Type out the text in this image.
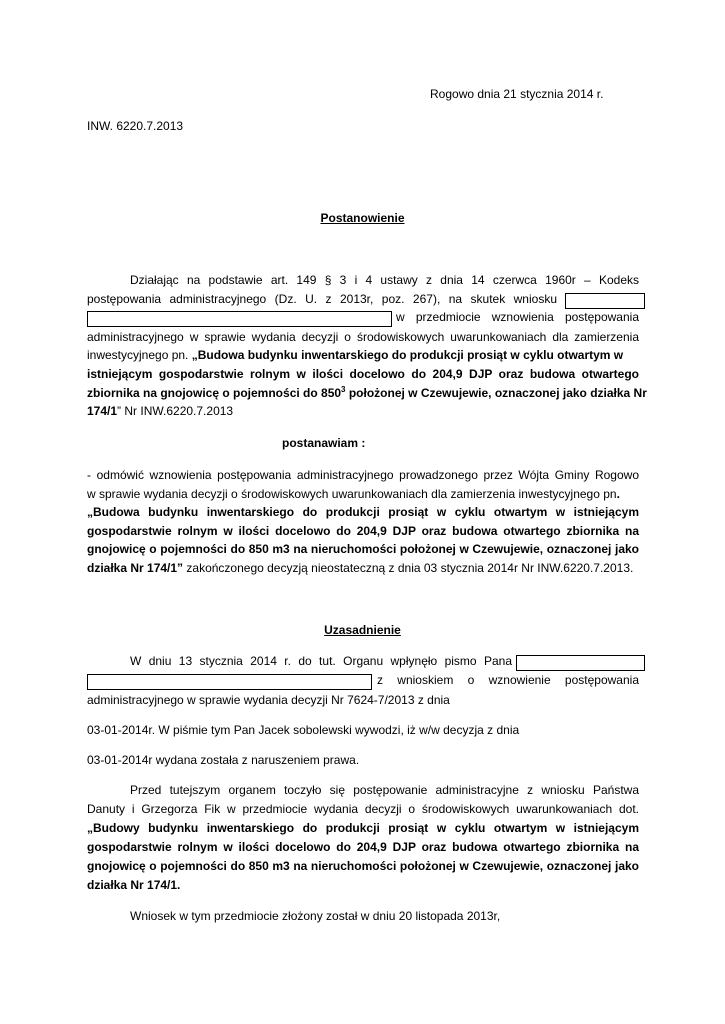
Rogowo dnia 21 stycznia 2014 r.
INW. 6220.7.2013
Postanowienie
Działając na podstawie art. 149 § 3 i 4 ustawy z dnia 14 czerwca 1960r – Kodeks
postępowania administracyjnego (Dz. U. z 2013r, poz. 267), na skutek wniosku
w przedmiocie wznowienia postępowania
administracyjnego w sprawie wydania decyzji o środowiskowych uwarunkowaniach dla zamierzenia
inwestycyjnego pn. „Budowa budynku inwentarskiego do produkcji prosiąt w cyklu otwartym w
istniejącym gospodarstwie rolnym w ilości docelowo do 204,9 DJP oraz budowa otwartego
zbiornika na gnojowicę o pojemności do $850^3$ położonej w Czewujewie, oznaczonej jako działka Nr
174/1” Nr INW.6220.7.2013
postanawiam :
- odmówić wznowienia postępowania administracyjnego prowadzonego przez Wójta Gminy Rogowo
w sprawie wydania decyzji o środowiskowych uwarunkowaniach dla zamierzenia inwestycyjnego pn.
„Budowa budynku inwentarskiego do produkcji prosiąt w cyklu otwartym w istniejącym
gospodarstwie rolnym w ilości docelowo do 204,9 DJP oraz budowa otwartego zbiornika na
gnojowicę o pojemności do 850 m3 na nieruchomości położonej w Czewujewie, oznaczonej jako
działka Nr 174/1” zakończonego decyzją nieostateczną z dnia 03 stycznia 2014r Nr INW.6220.7.2013.
Uzasadnienie
W dniu 13 stycznia 2014 r. do tut. Organu wpłynęło pismo Pana
z wnioskiem o wznowienie postępowania
administracyjnego w sprawie wydania decyzji Nr 7624-7/2013 z dnia
03-01-2014r. W piśmie tym Pan Jacek sobolewski wywodzi, iż w/w decyzja z dnia
03-01-2014r wydana została z naruszeniem prawa.
Przed tutejszym organem toczyło się postępowanie administracyjne z wniosku Państwa
Danuty i Grzegorza Fik w przedmiocie wydania decyzji o środowiskowych uwarunkowaniach dot.
„Budowy budynku inwentarskiego do produkcji prosiąt w cyklu otwartym w istniejącym
gospodarstwie rolnym w ilości docelowo do 204,9 DJP oraz budowa otwartego zbiornika na
gnojowicę o pojemności do 850 m3 na nieruchomości położonej w Czewujewie, oznaczonej jako
działka Nr 174/1.
Wniosek w tym przedmiocie złożony został w dniu 20 listopada 2013r,
